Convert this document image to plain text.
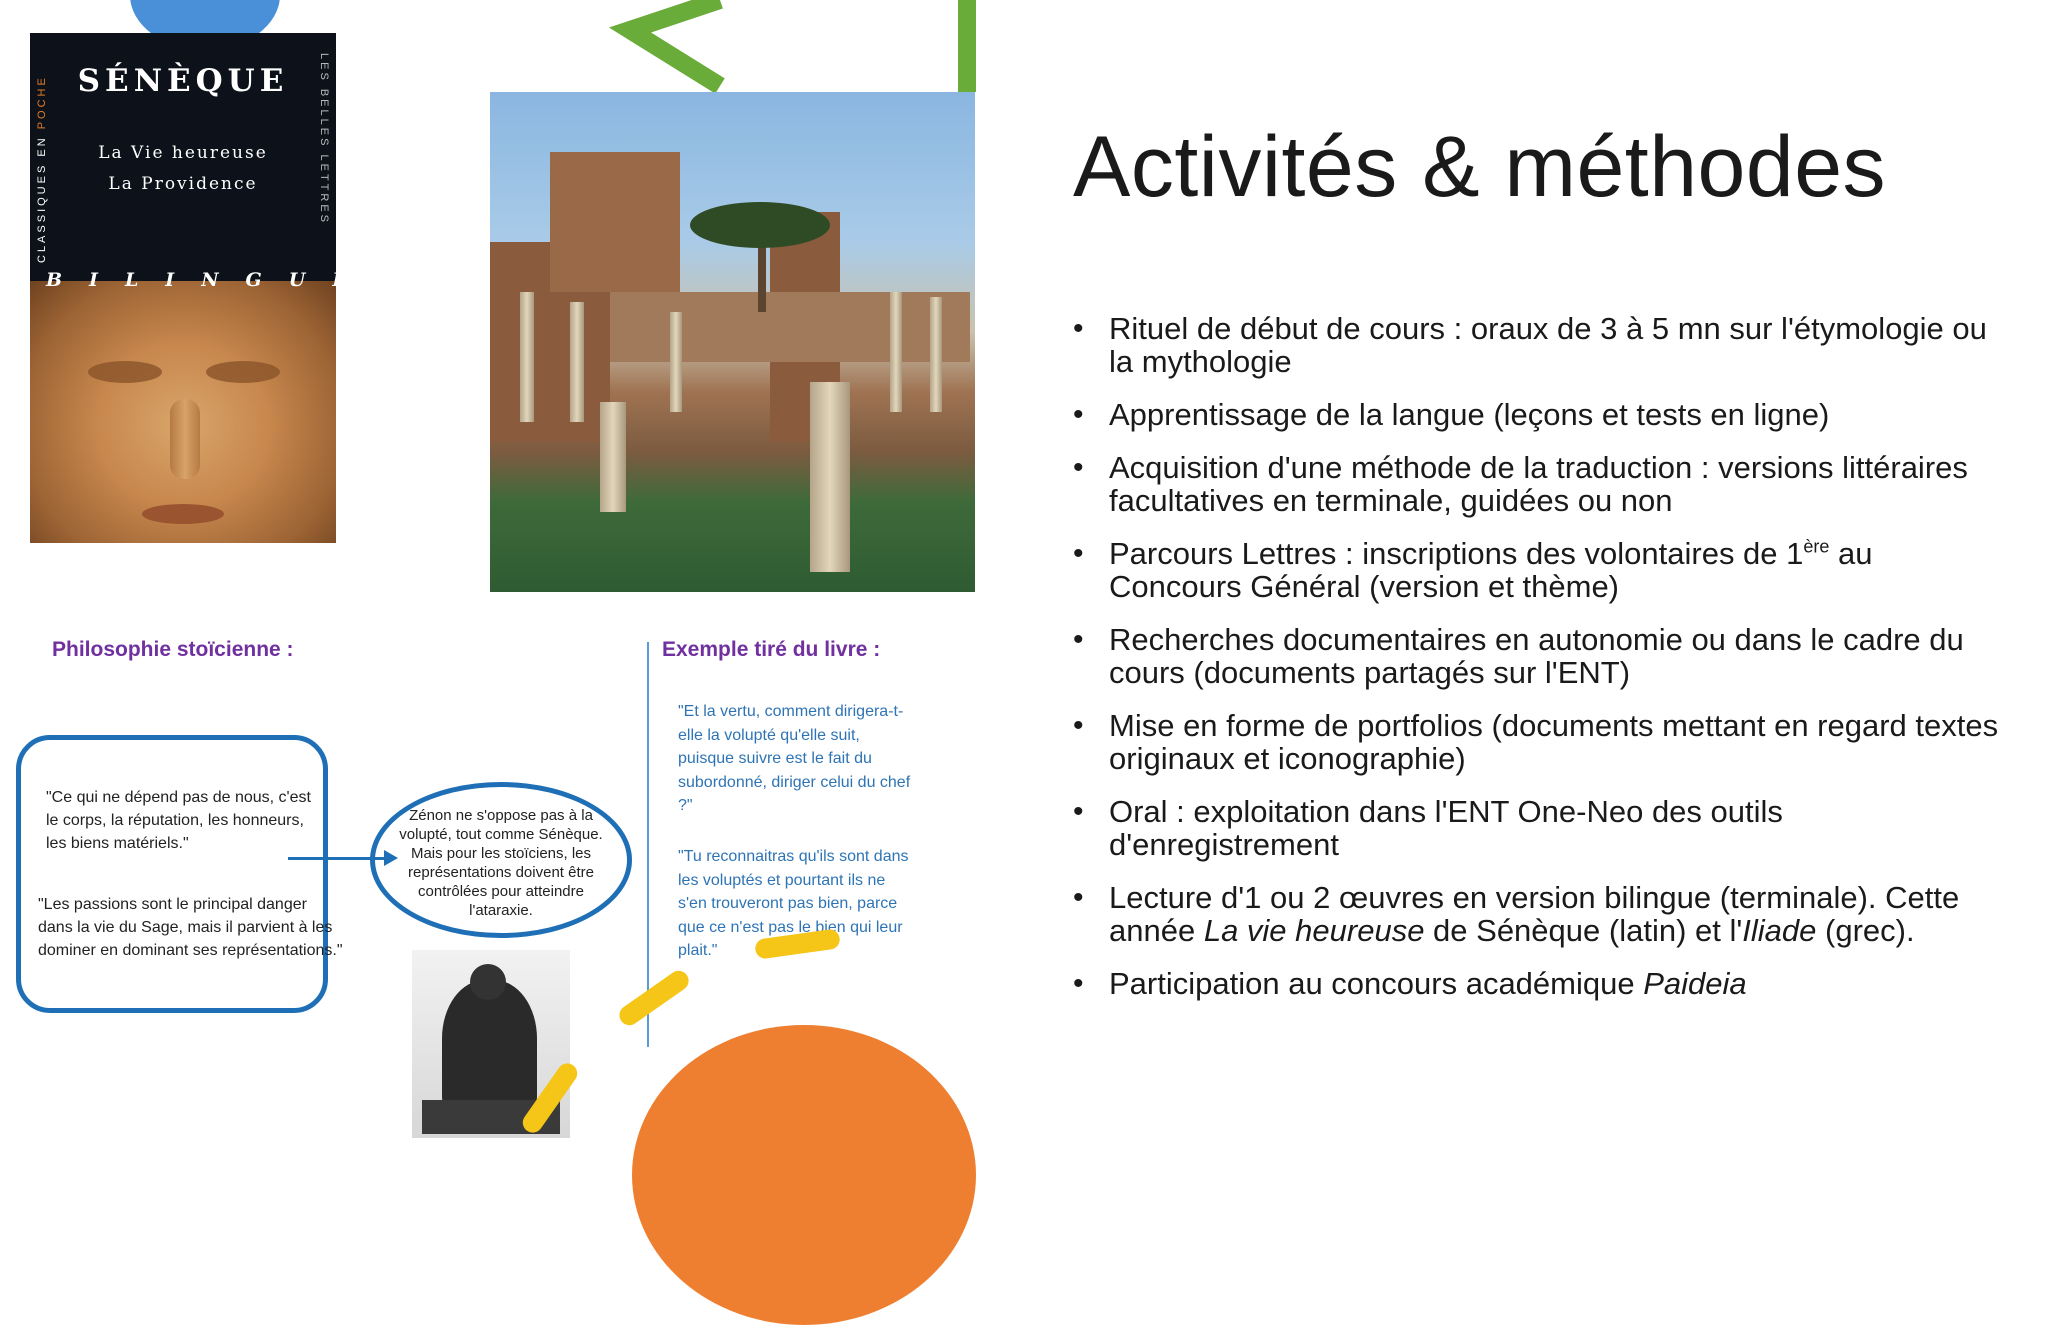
SÉNÈQUE
La Vie heureuse
La Providence
BILINGUE
CLASSIQUES EN POCHE	LES BELLES LETTRES
Philosophie stoïcienne :	Exemple tiré du livre :
"Ce qui ne dépend pas de nous, c'est le corps, la réputation, les honneurs, les biens matériels."
"Les passions sont le principal danger dans la vie du Sage, mais il parvient à les dominer en dominant ses représentations."
Zénon ne s'oppose pas à la volupté, tout comme Sénèque. Mais pour les stoïciens, les représentations doivent être contrôlées pour atteindre l'ataraxie.
"Et la vertu, comment dirigera-t-elle la volupté qu'elle suit, puisque suivre est le fait du subordonné, diriger celui du chef ?"
"Tu reconnaitras qu'ils sont dans les voluptés et pourtant ils ne s'en trouveront pas bien, parce que ce n'est pas le bien qui leur plait."
Activités & méthodes
• Rituel de début de cours : oraux de 3 à 5 mn sur l'étymologie ou la mythologie
• Apprentissage de la langue (leçons et tests en ligne)
• Acquisition d'une méthode de la traduction : versions littéraires facultatives en terminale, guidées ou non
• Parcours Lettres : inscriptions des volontaires de 1ère au Concours Général (version et thème)
• Recherches documentaires en autonomie ou dans le cadre du cours (documents partagés sur l'ENT)
• Mise en forme de portfolios (documents mettant en regard textes originaux et iconographie)
• Oral : exploitation dans l'ENT One-Neo des outils d'enregistrement
• Lecture d'1 ou 2 œuvres en version bilingue (terminale). Cette année La vie heureuse de Sénèque (latin) et l'Iliade (grec).
• Participation au concours académique Paideia
